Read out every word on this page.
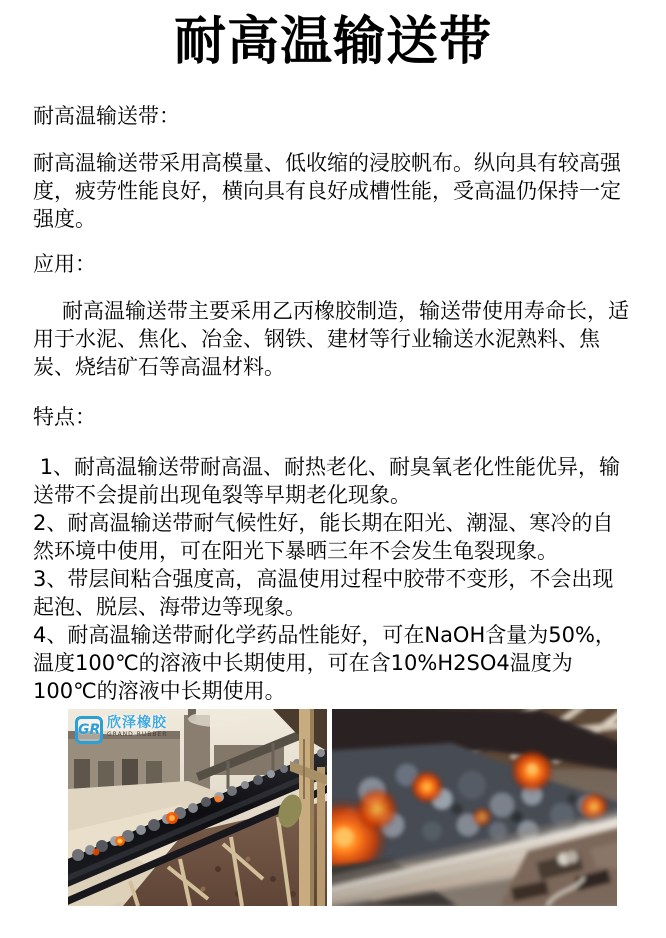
耐高温输送带

耐高温输送带：

耐高温输送带采用高模量、低收缩的浸胶帆布。纵向具有较高强度，疲劳性能良好，横向具有良好成槽性能，受高温仍保持一定强度。

应用：

耐高温输送带主要采用乙丙橡胶制造，输送带使用寿命长，适用于水泥、焦化、冶金、钢铁、建材等行业输送水泥熟料、焦炭、烧结矿石等高温材料。

特点：

1、耐高温输送带耐高温、耐热老化、耐臭氧老化性能优异，输送带不会提前出现龟裂等早期老化现象。

2、耐高温输送带耐气候性好，能长期在阳光、潮湿、寒冷的自然环境中使用，可在阳光下暴晒三年不会发生龟裂现象。

3、带层间粘合强度高，高温使用过程中胶带不变形，不会出现起泡、脱层、海带边等现象。

4、耐高温输送带耐化学药品性能好，可在NaOH含量为50%，温度100℃的溶液中长期使用，可在含10%H2SO4温度为100℃的溶液中长期使用。

GR 欣泽橡胶
GRAND RUBBER
